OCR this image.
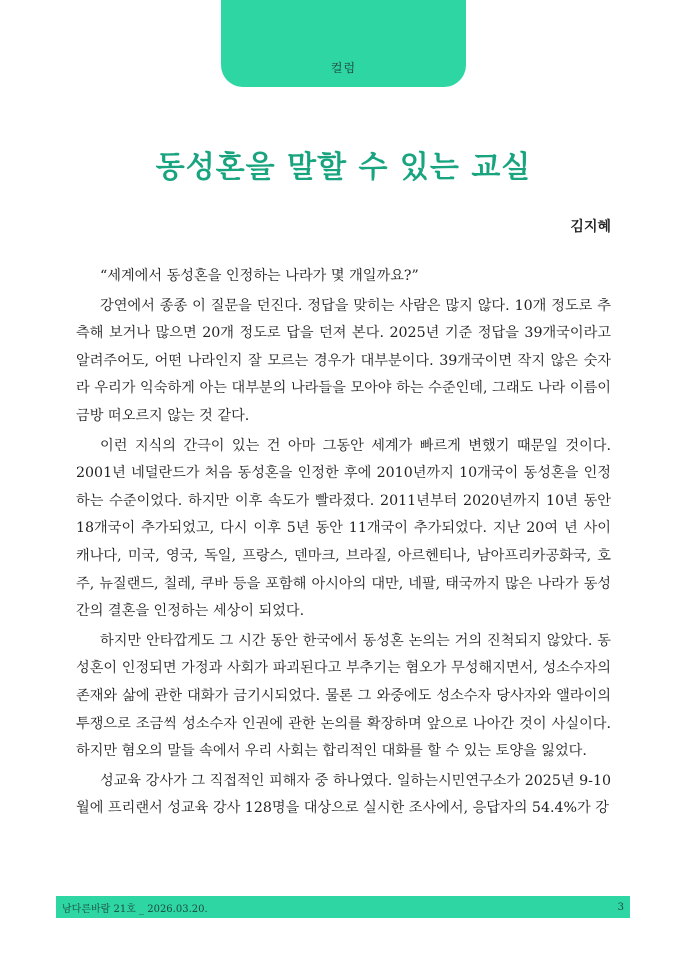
컬럼
동성혼을 말할 수 있는 교실
김지혜

“세계에서 동성혼을 인정하는 나라가 몇 개일까요?”

강연에서 종종 이 질문을 던진다. 정답을 맞히는 사람은 많지 않다. 10개 정도로 추측해 보거나 많으면 20개 정도로 답을 던져 본다. 2025년 기준 정답을 39개국이라고 알려주어도, 어떤 나라인지 잘 모르는 경우가 대부분이다. 39개국이면 작지 않은 숫자라 우리가 익숙하게 아는 대부분의 나라들을 모아야 하는 수준인데, 그래도 나라 이름이 금방 떠오르지 않는 것 같다.

이런 지식의 간극이 있는 건 아마 그동안 세계가 빠르게 변했기 때문일 것이다. 2001년 네덜란드가 처음 동성혼을 인정한 후에 2010년까지 10개국이 동성혼을 인정하는 수준이었다. 하지만 이후 속도가 빨라졌다. 2011년부터 2020년까지 10년 동안 18개국이 추가되었고, 다시 이후 5년 동안 11개국이 추가되었다. 지난 20여 년 사이 캐나다, 미국, 영국, 독일, 프랑스, 덴마크, 브라질, 아르헨티나, 남아프리카공화국, 호주, 뉴질랜드, 칠레, 쿠바 등을 포함해 아시아의 대만, 네팔, 태국까지 많은 나라가 동성 간의 결혼을 인정하는 세상이 되었다.

하지만 안타깝게도 그 시간 동안 한국에서 동성혼 논의는 거의 진척되지 않았다. 동성혼이 인정되면 가정과 사회가 파괴된다고 부추기는 혐오가 무성해지면서, 성소수자의 존재와 삶에 관한 대화가 금기시되었다. 물론 그 와중에도 성소수자 당사자와 앨라이의 투쟁으로 조금씩 성소수자 인권에 관한 논의를 확장하며 앞으로 나아간 것이 사실이다. 하지만 혐오의 말들 속에서 우리 사회는 합리적인 대화를 할 수 있는 토양을 잃었다.

성교육 강사가 그 직접적인 피해자 중 하나였다. 일하는시민연구소가 2025년 9-10월에 프리랜서 성교육 강사 128명을 대상으로 실시한 조사에서, 응답자의 54.4%가 강

남다른바람 21호 _ 2026.03.20.	3
